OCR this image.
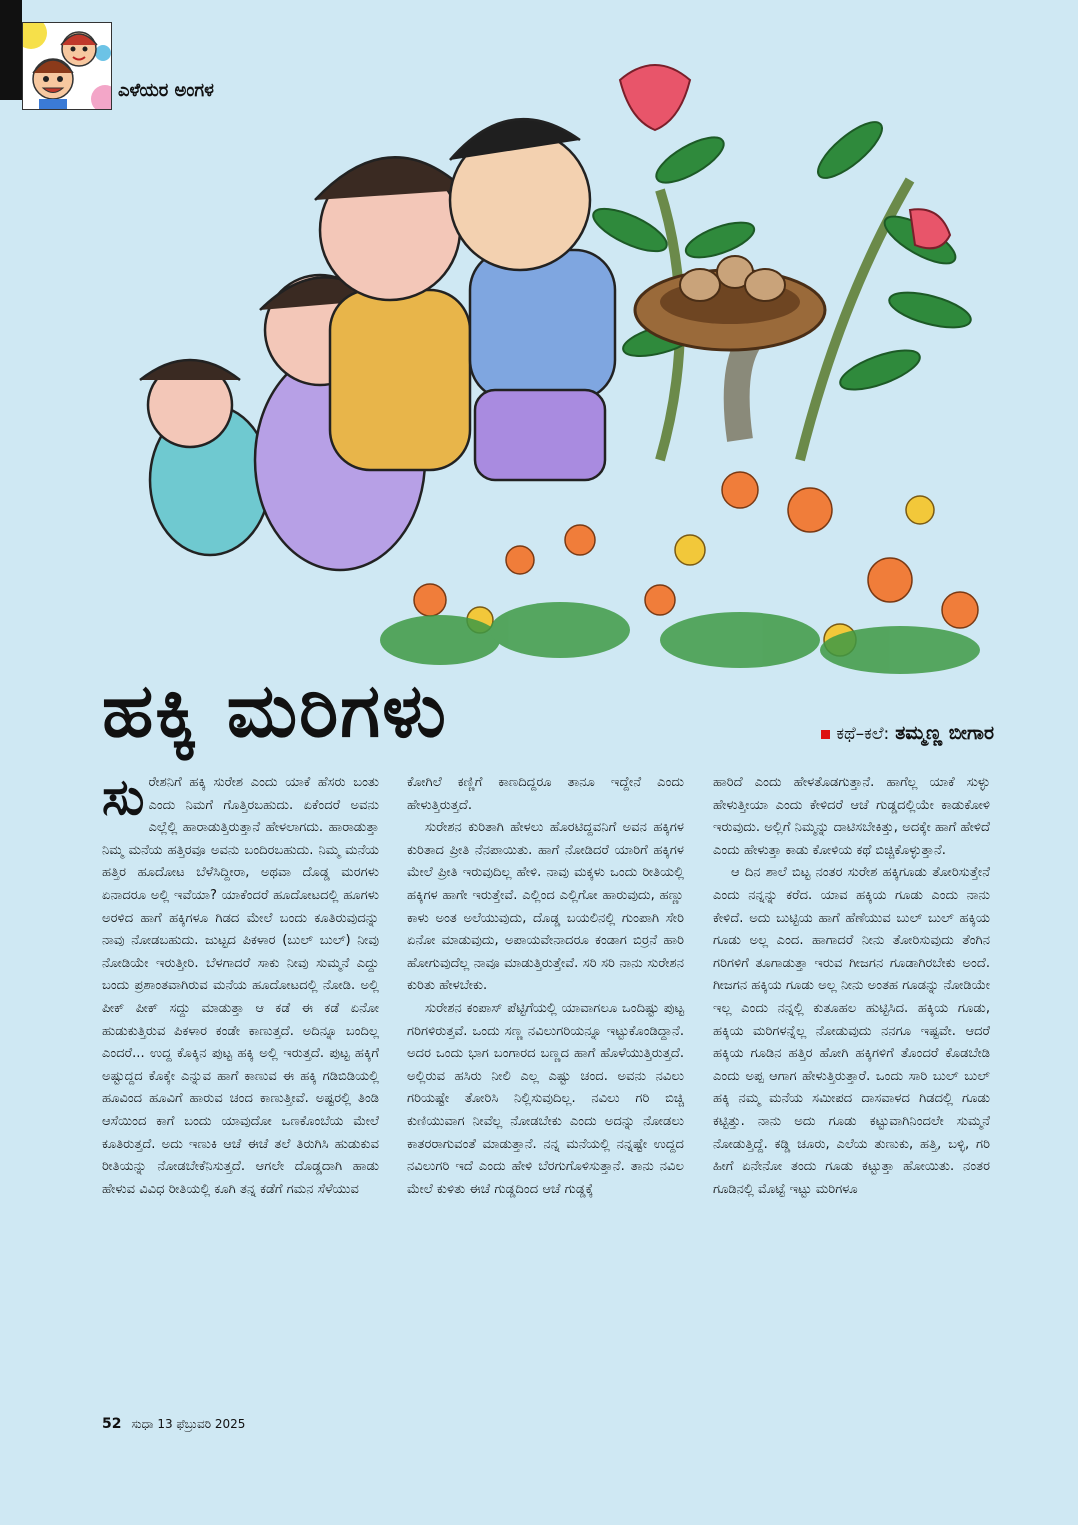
ಎಳೆಯರ ಅಂಗಳ
ಹಕ್ಕಿ ಮರಿಗಳು	ಕಥೆ–ಕಲೆ: ತಮ್ಮಣ್ಣ ಬೀಗಾರ

ಸುರೇಶನಿಗೆ ಹಕ್ಕಿ ಸುರೇಶ ಎಂದು ಯಾಕೆ ಹೆಸರು ಬಂತು ಎಂದು ನಿಮಗೆ ಗೊತ್ತಿರಬಹುದು. ಏಕೆಂದರೆ ಅವನು ಎಲ್ಲೆಲ್ಲಿ ಹಾರಾಡುತ್ತಿರುತ್ತಾನೆ ಹೇಳಲಾಗದು. ಹಾರಾಡುತ್ತಾ ನಿಮ್ಮ ಮನೆಯ ಹತ್ತಿರವೂ ಅವನು ಬಂದಿರಬಹುದು. ನಿಮ್ಮ ಮನೆಯ ಹತ್ತಿರ ಹೂದೋಟ ಬೆಳೆಸಿದ್ದೀರಾ, ಅಥವಾ ದೊಡ್ಡ ಮರಗಳು ಏನಾದರೂ ಅಲ್ಲಿ ಇವೆಯಾ? ಯಾಕೆಂದರೆ ಹೂದೋಟದಲ್ಲಿ ಹೂಗಳು ಅರಳಿದ ಹಾಗೆ ಹಕ್ಕಿಗಳೂ ಗಿಡದ ಮೇಲೆ ಬಂದು ಕೂತಿರುವುದನ್ನು ನಾವು ನೋಡಬಹುದು. ಜುಟ್ಟದ ಪಿಕಳಾರ (ಬುಲ್ ಬುಲ್) ನೀವು ನೋಡಿಯೇ ಇರುತ್ತೀರಿ. ಬೆಳಗಾದರೆ ಸಾಕು ನೀವು ಸುಮ್ಮನೆ ಎದ್ದು ಬಂದು ಪ್ರಶಾಂತವಾಗಿರುವ ಮನೆಯ ಹೂದೋಟದಲ್ಲಿ ನೋಡಿ. ಅಲ್ಲಿ ಪೀಕ್ ಪೀಕ್ ಸದ್ದು ಮಾಡುತ್ತಾ ಆ ಕಡೆ ಈ ಕಡೆ ಏನೋ ಹುಡುಕುತ್ತಿರುವ ಪಿಕಳಾರ ಕಂಡೇ ಕಾಣುತ್ತದೆ. ಅದಿನ್ನೂ ಬಂದಿಲ್ಲ ಎಂದರೆ... ಉದ್ದ ಕೊಕ್ಕಿನ ಪುಟ್ಟ ಹಕ್ಕಿ ಅಲ್ಲಿ ಇರುತ್ತದೆ. ಪುಟ್ಟ ಹಕ್ಕಿಗೆ ಅಷ್ಟುದ್ದದ ಕೊಕ್ಕೇ ಎನ್ನುವ ಹಾಗೆ ಕಾಣುವ ಈ ಹಕ್ಕಿ ಗಡಿಬಿಡಿಯಲ್ಲಿ ಹೂವಿಂದ ಹೂವಿಗೆ ಹಾರುವ ಚಂದ ಕಾಣುತ್ತೀವೆ. ಅಷ್ಟರಲ್ಲಿ ತಿಂಡಿ ಆಸೆಯಿಂದ ಕಾಗೆ ಬಂದು ಯಾವುದೋ ಒಣಕೊಂಬೆಯ ಮೇಲೆ ಕೂತಿರುತ್ತದೆ. ಅದು ಇಣುಕಿ ಆಚೆ ಈಚೆ ತಲೆ ತಿರುಗಿಸಿ ಹುಡುಕುವ ರೀತಿಯನ್ನು ನೋಡಬೇಕೆನಿಸುತ್ತದೆ. ಆಗಲೇ ದೊಡ್ಡದಾಗಿ ಹಾಡು ಹೇಳುವ ವಿವಿಧ ರೀತಿಯಲ್ಲಿ ಕೂಗಿ ತನ್ನ ಕಡೆಗೆ ಗಮನ ಸೆಳೆಯುವ

ಕೋಗಿಲೆ ಕಣ್ಣಿಗೆ ಕಾಣದಿದ್ದರೂ ತಾನೂ ಇದ್ದೇನೆ ಎಂದು ಹೇಳುತ್ತಿರುತ್ತದೆ.

ಸುರೇಶನ ಕುರಿತಾಗಿ ಹೇಳಲು ಹೊರಟಿದ್ದವನಿಗೆ ಅವನ ಹಕ್ಕಿಗಳ ಕುರಿತಾದ ಪ್ರೀತಿ ನೆನಪಾಯಿತು. ಹಾಗೆ ನೋಡಿದರೆ ಯಾರಿಗೆ ಹಕ್ಕಿಗಳ ಮೇಲೆ ಪ್ರೀತಿ ಇರುವುದಿಲ್ಲ ಹೇಳಿ. ನಾವು ಮಕ್ಕಳು ಒಂದು ರೀತಿಯಲ್ಲಿ ಹಕ್ಕಿಗಳ ಹಾಗೇ ಇರುತ್ತೇವೆ. ಎಲ್ಲಿಂದ ಎಲ್ಲಿಗೋ ಹಾರುವುದು, ಹಣ್ಣು ಕಾಳು ಅಂತ ಅಲೆಯುವುದು, ದೊಡ್ಡ ಬಯಲಿನಲ್ಲಿ ಗುಂಪಾಗಿ ಸೇರಿ ಏನೋ ಮಾಡುವುದು, ಅಪಾಯವೇನಾದರೂ ಕಂಡಾಗ ಬಿರ್ರನೆ ಹಾರಿ ಹೋಗುವುದೆಲ್ಲ ನಾವೂ ಮಾಡುತ್ತಿರುತ್ತೇವೆ. ಸರಿ ಸರಿ ನಾನು ಸುರೇಶನ ಕುರಿತು ಹೇಳಬೇಕು.

ಸುರೇಶನ ಕಂಪಾಸ್ ಪೆಟ್ಟಿಗೆಯಲ್ಲಿ ಯಾವಾಗಲೂ ಒಂದಿಷ್ಟು ಪುಟ್ಟ ಗರಿಗಳಿರುತ್ತವೆ. ಒಂದು ಸಣ್ಣ ನವಿಲುಗರಿಯನ್ನೂ ಇಟ್ಟುಕೊಂಡಿದ್ದಾನೆ. ಅದರ ಒಂದು ಭಾಗ ಬಂಗಾರದ ಬಣ್ಣದ ಹಾಗೆ ಹೊಳೆಯುತ್ತಿರುತ್ತದೆ. ಅಲ್ಲಿರುವ ಹಸಿರು ನೀಲಿ ಎಲ್ಲ ಎಷ್ಟು ಚಂದ. ಅವನು ನವಿಲು ಗರಿಯಷ್ಟೇ ತೋರಿಸಿ ನಿಲ್ಲಿಸುವುದಿಲ್ಲ. ನವಿಲು ಗರಿ ಬಿಚ್ಚಿ ಕುಣಿಯುವಾಗ ನೀವೆಲ್ಲ ನೋಡಬೇಕು ಎಂದು ಅದನ್ನು ನೋಡಲು ಕಾತರರಾಗುವಂತೆ ಮಾಡುತ್ತಾನೆ. ನನ್ನ ಮನೆಯಲ್ಲಿ ನನ್ನಷ್ಟೇ ಉದ್ದದ ನವಿಲುಗರಿ ಇದೆ ಎಂದು ಹೇಳಿ ಬೆರಗುಗೊಳಿಸುತ್ತಾನೆ. ತಾನು ನವಿಲ ಮೇಲೆ ಕುಳಿತು ಈಚೆ ಗುಡ್ಡದಿಂದ ಆಚೆ ಗುಡ್ಡಕ್ಕೆ

ಹಾರಿದೆ ಎಂದು ಹೇಳತೊಡಗುತ್ತಾನೆ. ಹಾಗೆಲ್ಲ ಯಾಕೆ ಸುಳ್ಳು ಹೇಳುತ್ತೀಯಾ ಎಂದು ಕೇಳಿದರೆ ಆಚೆ ಗುಡ್ಡದಲ್ಲಿಯೇ ಕಾಡುಕೋಳಿ ಇರುವುದು. ಅಲ್ಲಿಗೆ ನಿಮ್ಮನ್ನು ದಾಟಿಸಬೇಕಿತ್ತು, ಅದಕ್ಕೇ ಹಾಗೆ ಹೇಳಿದೆ ಎಂದು ಹೇಳುತ್ತಾ ಕಾಡು ಕೋಳಿಯ ಕಥೆ ಬಿಚ್ಚಿಕೊಳ್ಳುತ್ತಾನೆ.

ಆ ದಿನ ಶಾಲೆ ಬಿಟ್ಟ ನಂತರ ಸುರೇಶ ಹಕ್ಕಿಗೂಡು ತೋರಿಸುತ್ತೇನೆ ಎಂದು ನನ್ನನ್ನು ಕರೆದ. ಯಾವ ಹಕ್ಕಿಯ ಗೂಡು ಎಂದು ನಾನು ಕೇಳಿದೆ. ಅದು ಬುಟ್ಟಿಯ ಹಾಗೆ ಹೆಣೆಯುವ ಬುಲ್ ಬುಲ್ ಹಕ್ಕಿಯ ಗೂಡು ಅಲ್ಲ ಎಂದ. ಹಾಗಾದರೆ ನೀನು ತೋರಿಸುವುದು ತೆಂಗಿನ ಗರಿಗಳಿಗೆ ತೂಗಾಡುತ್ತಾ ಇರುವ ಗೀಜಗನ ಗೂಡಾಗಿರಬೇಕು ಅಂದೆ. ಗೀಜಗನ ಹಕ್ಕಿಯ ಗೂಡು ಅಲ್ಲ ನೀನು ಅಂತಹ ಗೂಡನ್ನು ನೋಡಿಯೇ ಇಲ್ಲ ಎಂದು ನನ್ನಲ್ಲಿ ಕುತೂಹಲ ಹುಟ್ಟಿಸಿದ. ಹಕ್ಕಿಯ ಗೂಡು, ಹಕ್ಕಿಯ ಮರಿಗಳನ್ನೆಲ್ಲ ನೋಡುವುದು ನನಗೂ ಇಷ್ಟವೇ. ಆದರೆ ಹಕ್ಕಿಯ ಗೂಡಿನ ಹತ್ತಿರ ಹೋಗಿ ಹಕ್ಕಿಗಳಿಗೆ ತೊಂದರೆ ಕೊಡಬೇಡಿ ಎಂದು ಅಪ್ಪ ಆಗಾಗ ಹೇಳುತ್ತಿರುತ್ತಾರೆ. ಒಂದು ಸಾರಿ ಬುಲ್ ಬುಲ್ ಹಕ್ಕಿ ನಮ್ಮ ಮನೆಯ ಸಮೀಪದ ದಾಸವಾಳದ ಗಿಡದಲ್ಲಿ ಗೂಡು ಕಟ್ಟಿತ್ತು. ನಾನು ಅದು ಗೂಡು ಕಟ್ಟುವಾಗಿನಿಂದಲೇ ಸುಮ್ಮನೆ ನೋಡುತ್ತಿದ್ದೆ. ಕಡ್ಡಿ ಚೂರು, ಎಲೆಯ ತುಣುಕು, ಹತ್ತಿ, ಬಳ್ಳಿ, ಗರಿ ಹೀಗೆ ಏನೇನೋ ತಂದು ಗೂಡು ಕಟ್ಟುತ್ತಾ ಹೋಯಿತು. ನಂತರ ಗೂಡಿನಲ್ಲಿ ಮೊಟ್ಟೆ ಇಟ್ಟು ಮರಿಗಳೂ

52 ಸುಧಾ 13 ಫೆಬ್ರುವರಿ 2025
